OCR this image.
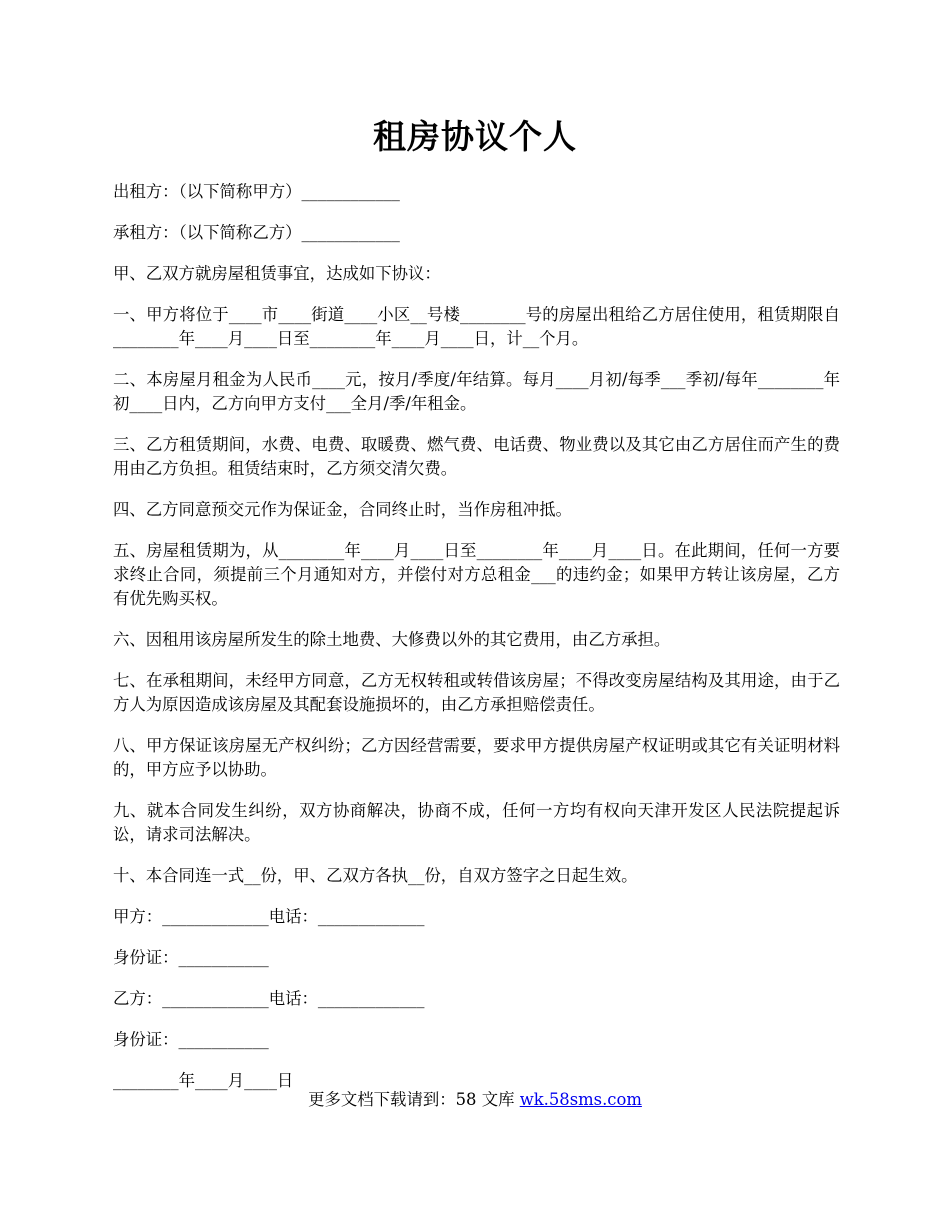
租房协议个人

出租方：（以下简称甲方）____________

承租方：（以下简称乙方）____________

甲、乙双方就房屋租赁事宜，达成如下协议：

一、甲方将位于____市____街道____小区__号楼________号的房屋出租给乙方居住使用，租赁期限自________年____月____日至________年____月____日，计__个月。

二、本房屋月租金为人民币____元，按月/季度/年结算。每月____月初/每季___季初/每年________年初____日内，乙方向甲方支付___全月/季/年租金。

三、乙方租赁期间，水费、电费、取暖费、燃气费、电话费、物业费以及其它由乙方居住而产生的费用由乙方负担。租赁结束时，乙方须交清欠费。

四、乙方同意预交元作为保证金，合同终止时，当作房租冲抵。

五、房屋租赁期为，从________年____月____日至________年____月____日。在此期间，任何一方要求终止合同，须提前三个月通知对方，并偿付对方总租金___的违约金；如果甲方转让该房屋，乙方有优先购买权。

六、因租用该房屋所发生的除土地费、大修费以外的其它费用，由乙方承担。

七、在承租期间，未经甲方同意，乙方无权转租或转借该房屋；不得改变房屋结构及其用途，由于乙方人为原因造成该房屋及其配套设施损坏的，由乙方承担赔偿责任。

八、甲方保证该房屋无产权纠纷；乙方因经营需要，要求甲方提供房屋产权证明或其它有关证明材料的，甲方应予以协助。

九、就本合同发生纠纷，双方协商解决，协商不成，任何一方均有权向天津开发区人民法院提起诉讼，请求司法解决。

十、本合同连一式__份，甲、乙双方各执__份，自双方签字之日起生效。

甲方：_____________电话：_____________

身份证：___________

乙方：_____________电话：_____________

身份证：___________

________年____月____日

更多文档下载请到：58 文库 wk.58sms.com
